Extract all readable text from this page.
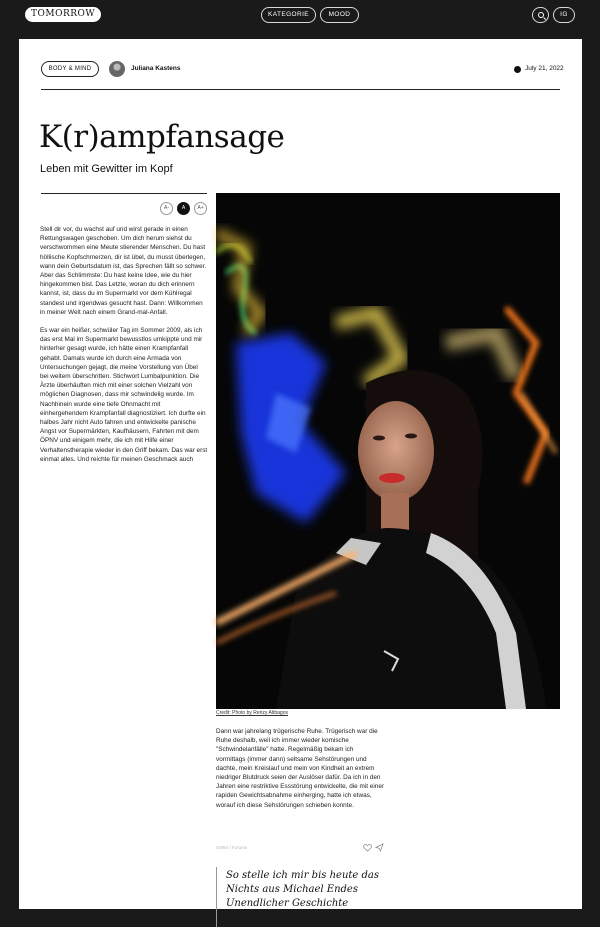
TOMORROW	KATEGORIE	MOOD	IG
BODY & MIND	Juliana Kastens	July 21, 2022
K(r)ampfansage
Leben mit Gewitter im Kopf
A-	A	A+

Stell dir vor, du wachst auf und wirst gerade in einen Rettungswagen geschoben. Um dich herum siehst du verschwommen eine Meute stierender Menschen. Du hast höllische Kopfschmerzen, dir ist übel, du musst überlegen, wann dein Geburtsdatum ist, das Sprechen fällt so schwer. Aber das Schlimmste: Du hast keine Idee, wie du hier hingekommen bist. Das Letzte, woran du dich erinnern kannst, ist, dass du im Supermarkt vor dem Kühlregal standest und irgendwas gesucht hast. Dann: Willkommen in meiner Welt nach einem Grand-mal-Anfall.

Es war ein heißer, schwüler Tag im Sommer 2009, als ich das erst Mal im Supermarkt bewusstlos umkippte und mir hinterher gesagt wurde, ich hätte einen Krampfanfall gehabt. Damals wurde ich durch eine Armada von Untersuchungen gejagt, die meine Vorstellung von Übel bei weitem überschritten. Stichwort Lumbalpunktion. Die Ärzte überhäuften mich mit einer solchen Vielzahl von möglichen Diagnosen, dass mir schwindelig wurde. Im Nachhinein wurde eine tiefe Ohnmacht mit einhergehendem Krampfanfall diagnostiziert. Ich durfte ein halbes Jahr nicht Auto fahren und entwickelte panische Angst vor Supermärkten, Kaufhäusern, Fahrten mit dem ÖPNV und einigem mehr, die ich mit Hilfe einer Verhaltenstherapie wieder in den Griff bekam. Das war erst einmal alles. Und reichte für meinen Geschmack auch

Credit: Photo by Renzy Atibagos

Dann war jahrelang trügerische Ruhe. Trügerisch war die Ruhe deshalb, weil ich immer wieder komische "Schwindelanfälle" hatte. Regelmäßig bekam ich vormittags (immer dann) seltsame Sehstörungen und dachte, mein Kreislauf und mein von Kindheit an extrem niedriger Blutdruck seien der Auslöser dafür. Da ich in den Jahren eine restriktive Essstörung entwickelte, die mit einer rapiden Gewichtsabnahme einherging, hatte ich etwas, worauf ich diese Sehstörungen schieben konnte.

0x984 | Forums
So stelle ich mir bis heute das Nichts aus Michael Endes Unendlicher Geschichte
